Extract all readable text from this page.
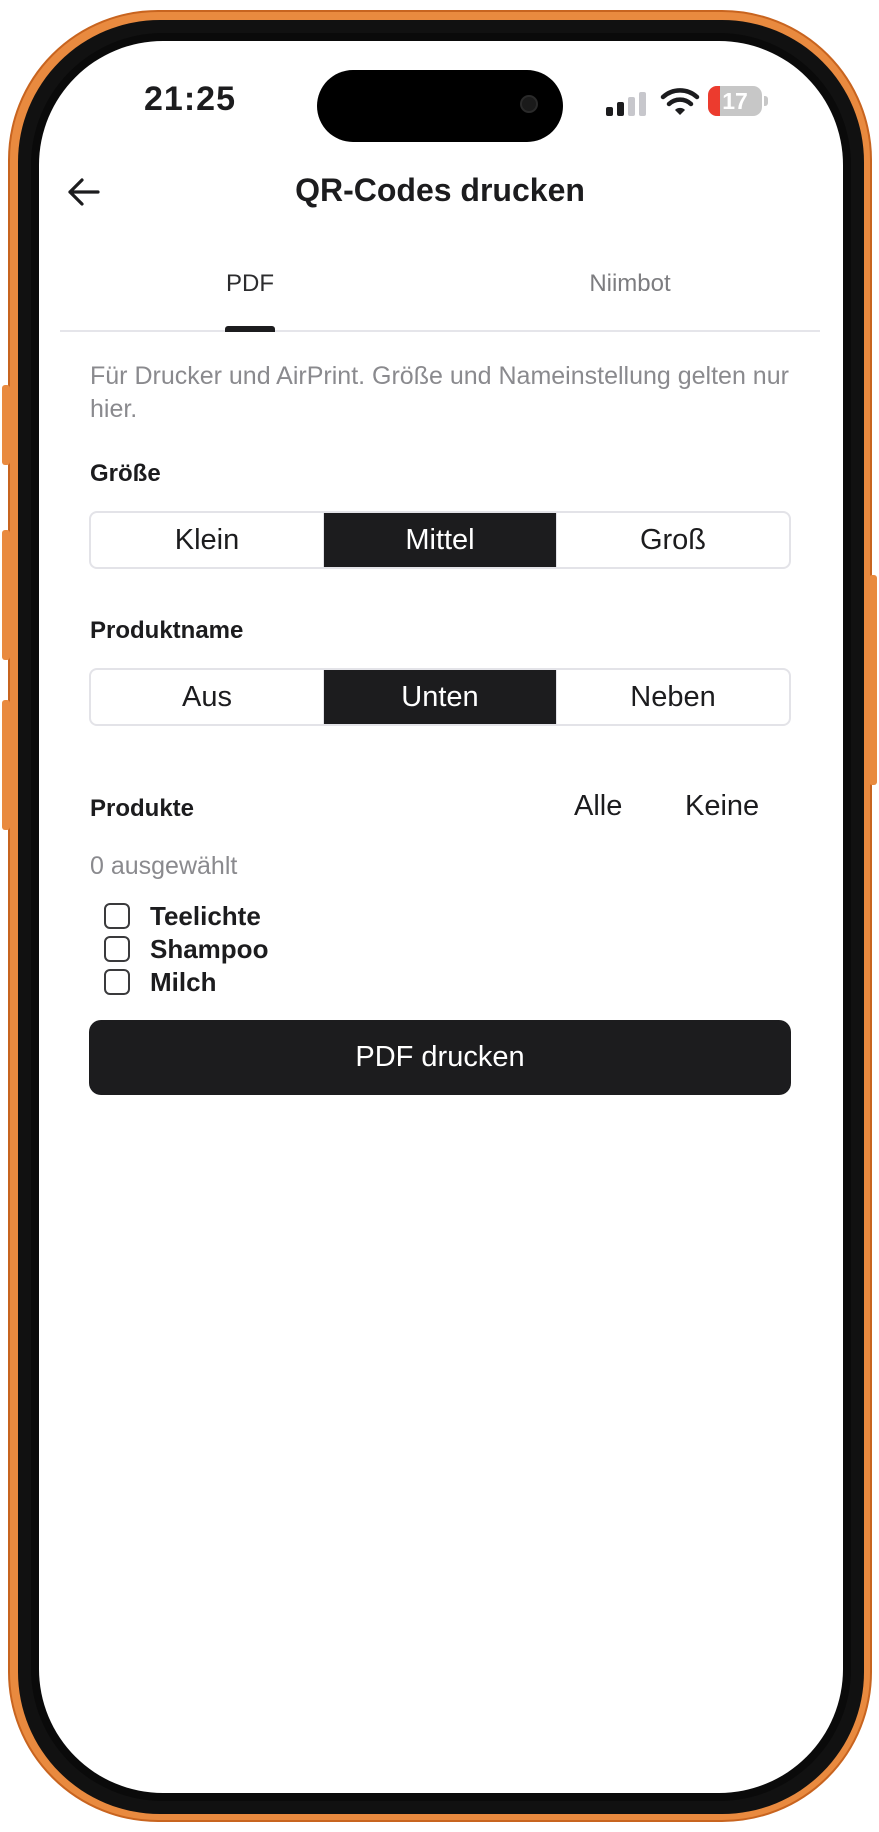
21:25	17
QR-Codes drucken
PDF	Niimbot
Für Drucker und AirPrint. Größe und Nameinstellung gelten nur hier.
Größe
Klein	Mittel	Groß
Produktname
Aus	Unten	Neben
Produkte	Alle Keine
0 ausgewählt
Teelichte
Shampoo
Milch
PDF drucken
